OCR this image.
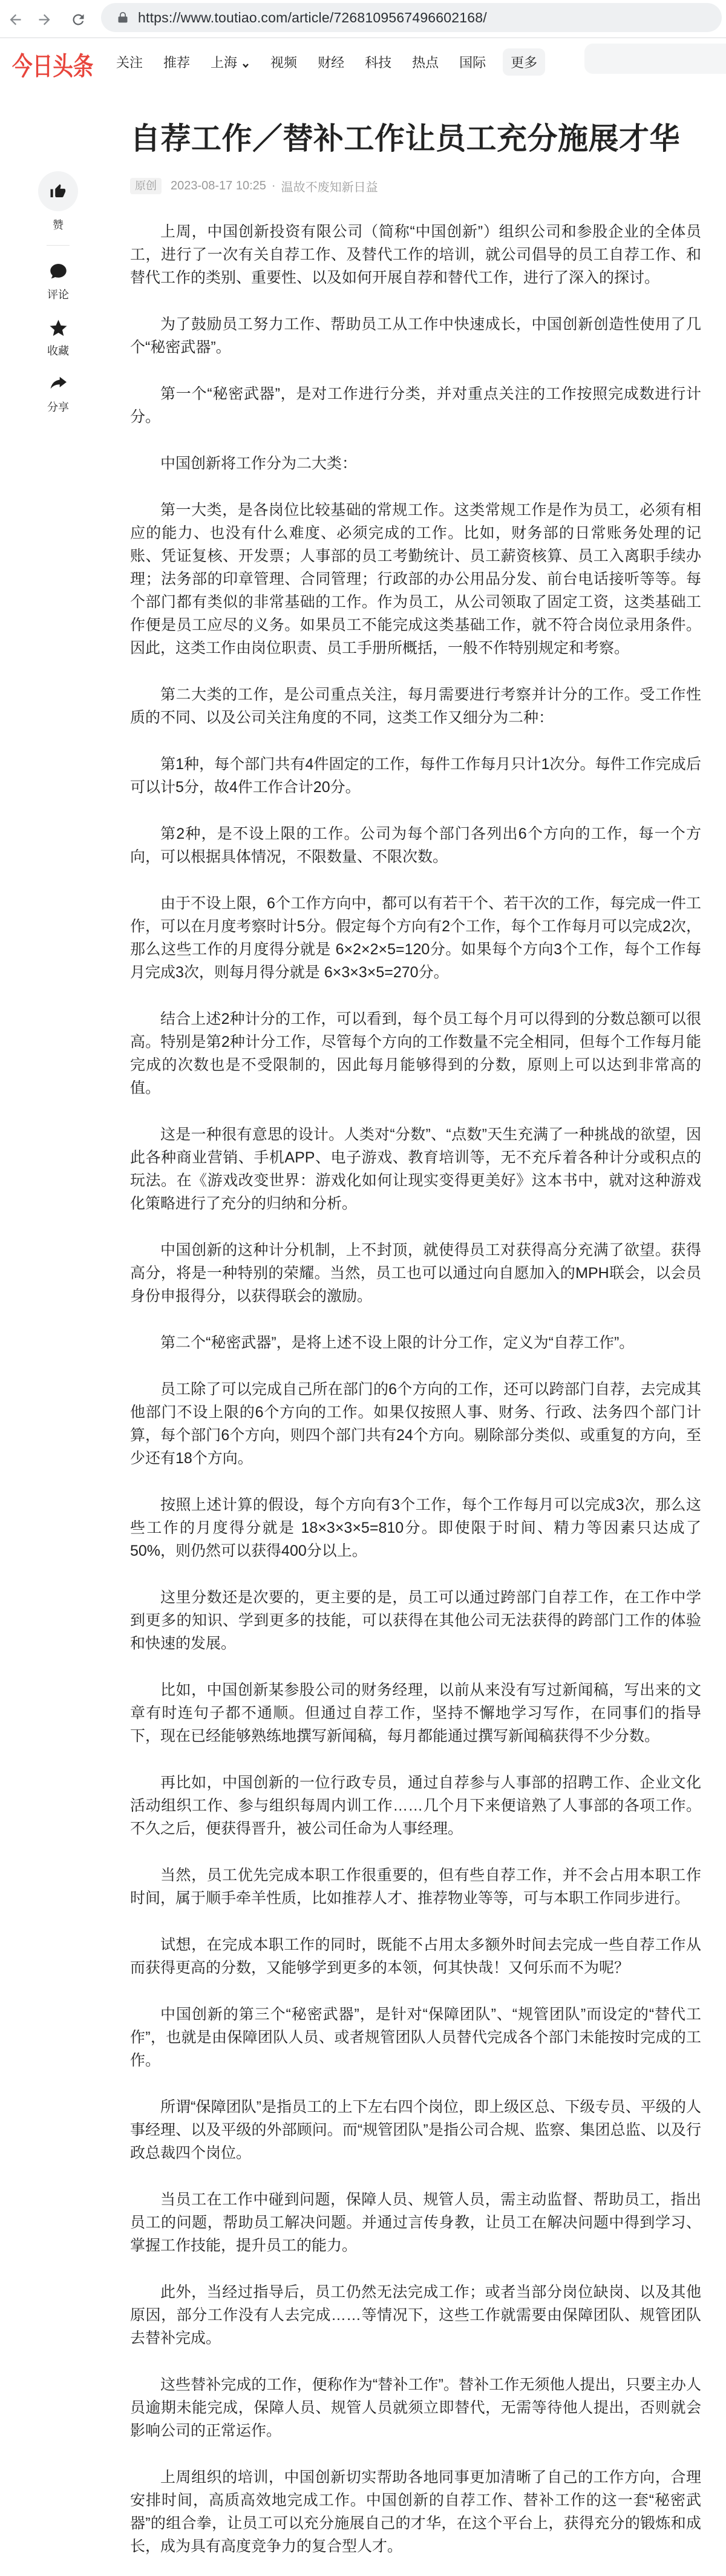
https://www.toutiao.com/article/7268109567496602168/
今日头条 关注 推荐 上海	视频 财经 科技 热点 国际 更多
赞
评论
收藏
分享
自荐工作／替补工作让员工充分施展才华
原创	2023-08-17 10:25 · 温故不废知新日益

上周，中国创新投资有限公司（简称“中国创新”）组织公司和参股企业的全体员工，进行了一次有关自荐工作、及替代工作的培训，就公司倡导的员工自荐工作、和替代工作的类别、重要性、以及如何开展自荐和替代工作，进行了深入的探讨。

为了鼓励员工努力工作、帮助员工从工作中快速成长，中国创新创造性使用了几个“秘密武器”。

第一个“秘密武器”，是对工作进行分类，并对重点关注的工作按照完成数进行计分。

中国创新将工作分为二大类：

第一大类，是各岗位比较基础的常规工作。这类常规工作是作为员工，必须有相应的能力、也没有什么难度、必须完成的工作。比如，财务部的日常账务处理的记账、凭证复核、开发票；人事部的员工考勤统计、员工薪资核算、员工入离职手续办理；法务部的印章管理、合同管理；行政部的办公用品分发、前台电话接听等等。每个部门都有类似的非常基础的工作。作为员工，从公司领取了固定工资，这类基础工作便是员工应尽的义务。如果员工不能完成这类基础工作，就不符合岗位录用条件。因此，这类工作由岗位职责、员工手册所概括，一般不作特别规定和考察。

第二大类的工作，是公司重点关注，每月需要进行考察并计分的工作。受工作性质的不同、以及公司关注角度的不同，这类工作又细分为二种：

第1种，每个部门共有4件固定的工作，每件工作每月只计1次分。每件工作完成后可以计5分，故4件工作合计20分。

第2种，是不设上限的工作。公司为每个部门各列出6个方向的工作，每一个方向，可以根据具体情况，不限数量、不限次数。

由于不设上限，6个工作方向中，都可以有若干个、若干次的工作，每完成一件工作，可以在月度考察时计5分。假定每个方向有2个工作，每个工作每月可以完成2次，那么这些工作的月度得分就是 6×2×2×5=120分。如果每个方向3个工作，每个工作每月完成3次，则每月得分就是 6×3×3×5=270分。

结合上述2种计分的工作，可以看到，每个员工每个月可以得到的分数总额可以很高。特别是第2种计分工作，尽管每个方向的工作数量不完全相同，但每个工作每月能完成的次数也是不受限制的，因此每月能够得到的分数，原则上可以达到非常高的值。

这是一种很有意思的设计。人类对“分数”、“点数”天生充满了一种挑战的欲望，因此各种商业营销、手机APP、电子游戏、教育培训等，无不充斥着各种计分或积点的玩法。在《游戏改变世界：游戏化如何让现实变得更美好》这本书中，就对这种游戏化策略进行了充分的归纳和分析。

中国创新的这种计分机制，上不封顶，就使得员工对获得高分充满了欲望。获得高分，将是一种特别的荣耀。当然，员工也可以通过向自愿加入的MPH联会，以会员身份申报得分，以获得联会的激励。

第二个“秘密武器”，是将上述不设上限的计分工作，定义为“自荐工作”。

员工除了可以完成自己所在部门的6个方向的工作，还可以跨部门自荐，去完成其他部门不设上限的6个方向的工作。如果仅按照人事、财务、行政、法务四个部门计算，每个部门6个方向，则四个部门共有24个方向。剔除部分类似、或重复的方向，至少还有18个方向。

按照上述计算的假设，每个方向有3个工作，每个工作每月可以完成3次，那么这些工作的月度得分就是 18×3×3×5=810分。即使限于时间、精力等因素只达成了50%，则仍然可以获得400分以上。

这里分数还是次要的，更主要的是，员工可以通过跨部门自荐工作，在工作中学到更多的知识、学到更多的技能，可以获得在其他公司无法获得的跨部门工作的体验和快速的发展。

比如，中国创新某参股公司的财务经理，以前从来没有写过新闻稿，写出来的文章有时连句子都不通顺。但通过自荐工作，坚持不懈地学习写作，在同事们的指导下，现在已经能够熟练地撰写新闻稿，每月都能通过撰写新闻稿获得不少分数。

再比如，中国创新的一位行政专员，通过自荐参与人事部的招聘工作、企业文化活动组织工作、参与组织每周内训工作……几个月下来便谙熟了人事部的各项工作。不久之后，便获得晋升，被公司任命为人事经理。

当然，员工优先完成本职工作很重要的，但有些自荐工作，并不会占用本职工作时间，属于顺手牵羊性质，比如推荐人才、推荐物业等等，可与本职工作同步进行。

试想，在完成本职工作的同时，既能不占用太多额外时间去完成一些自荐工作从而获得更高的分数，又能够学到更多的本领，何其快哉！又何乐而不为呢？

中国创新的第三个“秘密武器”，是针对“保障团队”、“规管团队”而设定的“替代工作”，也就是由保障团队人员、或者规管团队人员替代完成各个部门未能按时完成的工作。

所谓“保障团队”是指员工的上下左右四个岗位，即上级区总、下级专员、平级的人事经理、以及平级的外部顾问。而“规管团队”是指公司合规、监察、集团总监、以及行政总裁四个岗位。

当员工在工作中碰到问题，保障人员、规管人员，需主动监督、帮助员工，指出员工的问题，帮助员工解决问题。并通过言传身教，让员工在解决问题中得到学习、掌握工作技能，提升员工的能力。

此外，当经过指导后，员工仍然无法完成工作；或者当部分岗位缺岗、以及其他原因，部分工作没有人去完成……等情况下，这些工作就需要由保障团队、规管团队去替补完成。

这些替补完成的工作，便称作为“替补工作”。替补工作无须他人提出，只要主办人员逾期未能完成，保障人员、规管人员就须立即替代，无需等待他人提出，否则就会影响公司的正常运作。

上周组织的培训，中国创新切实帮助各地同事更加清晰了自己的工作方向，合理安排时间，高质高效地完成工作。中国创新的自荐工作、替补工作的这一套“秘密武器”的组合拳，让员工可以充分施展自己的才华，在这个平台上，获得充分的锻炼和成长，成为具有高度竞争力的复合型人才。
